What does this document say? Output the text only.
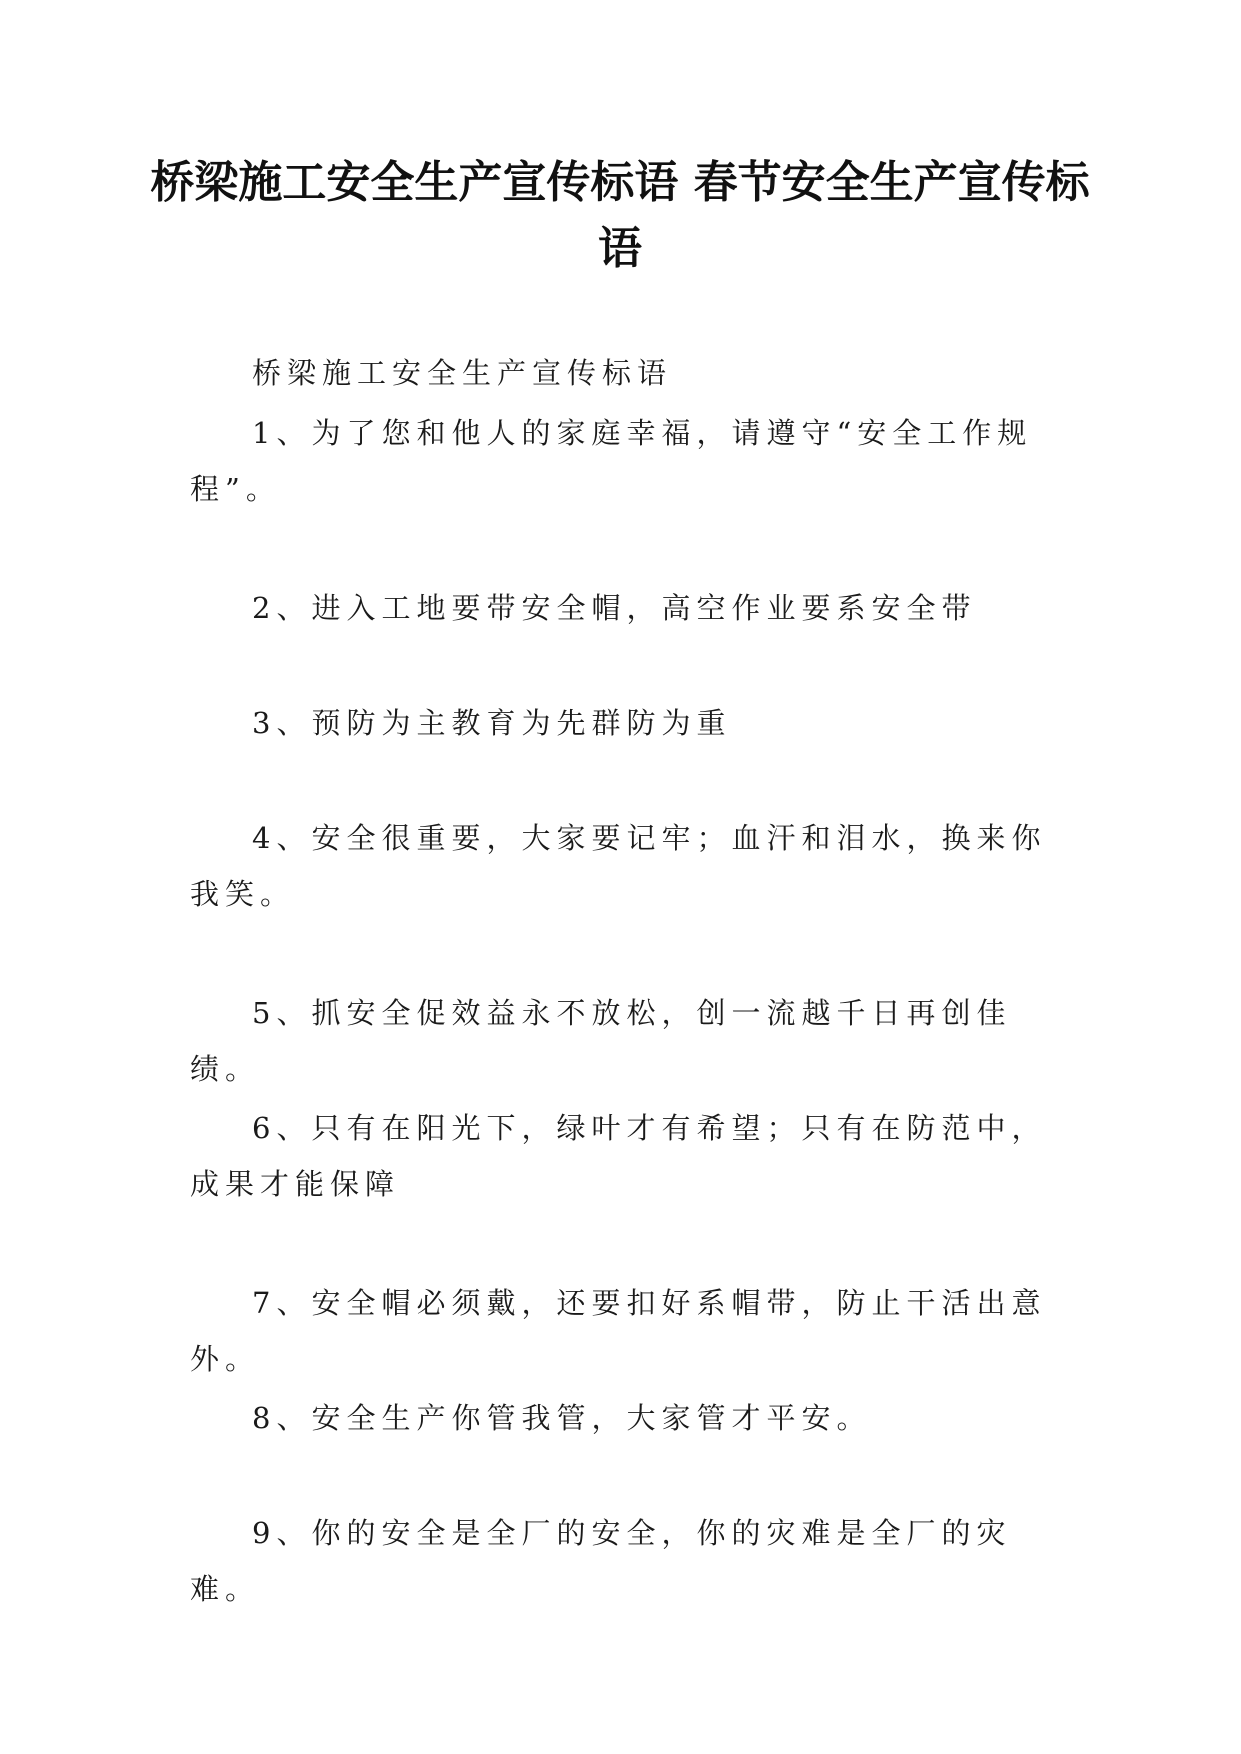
桥梁施工安全生产宣传标语 春节安全生产宣传标语

桥梁施工安全生产宣传标语

1、为了您和他人的家庭幸福，请遵守“安全工作规程”。

2、进入工地要带安全帽，高空作业要系安全带

3、预防为主教育为先群防为重

4、安全很重要，大家要记牢；血汗和泪水，换来你我笑。

5、抓安全促效益永不放松，创一流越千日再创佳绩。

6、只有在阳光下，绿叶才有希望；只有在防范中，成果才能保障

7、安全帽必须戴，还要扣好系帽带，防止干活出意外。

8、安全生产你管我管，大家管才平安。

9、你的安全是全厂的安全，你的灾难是全厂的灾难。
